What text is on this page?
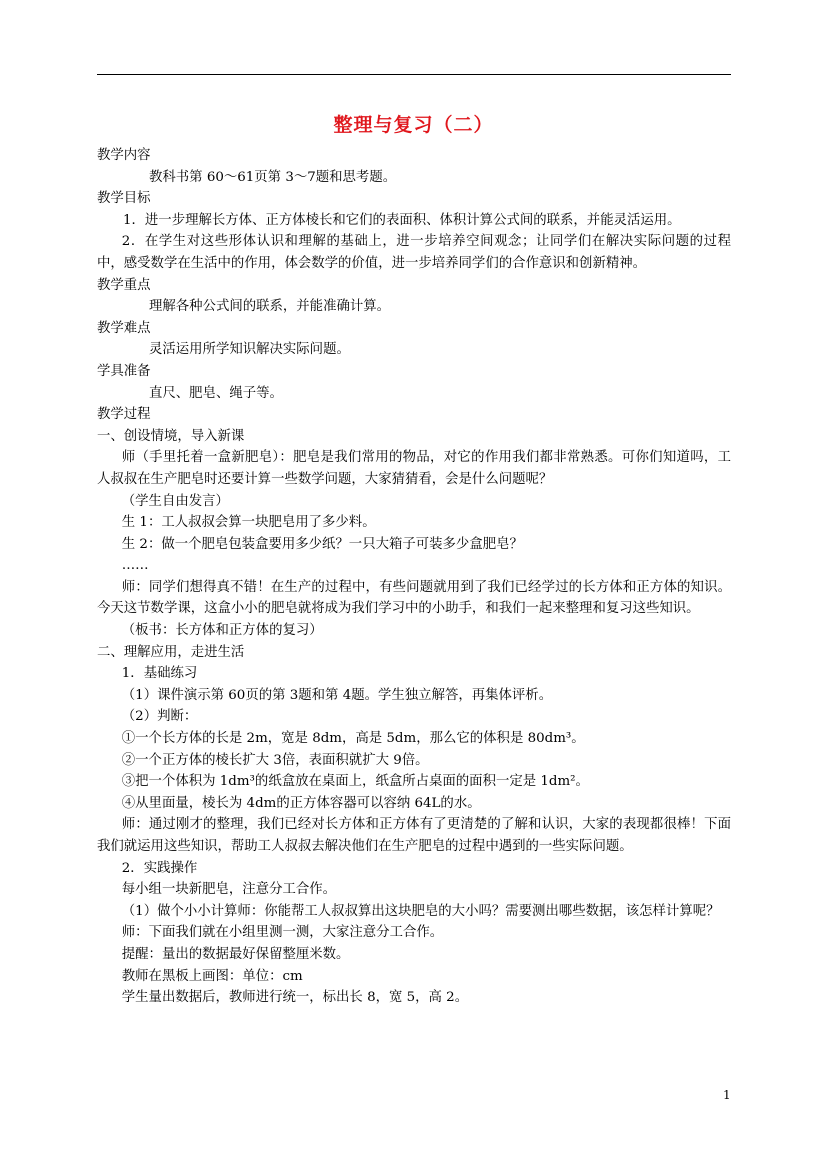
整理与复习（二）

教学内容

教科书第 60～61页第 3～7题和思考题。

教学目标

1．进一步理解长方体、正方体棱长和它们的表面积、体积计算公式间的联系，并能灵活运用。

2．在学生对这些形体认识和理解的基础上，进一步培养空间观念；让同学们在解决实际问题的过程中，感受数学在生活中的作用，体会数学的价值，进一步培养同学们的合作意识和创新精神。

教学重点

理解各种公式间的联系，并能准确计算。

教学难点

灵活运用所学知识解决实际问题。

学具准备

直尺、肥皂、绳子等。

教学过程

一、创设情境，导入新课

师（手里托着一盒新肥皂）：肥皂是我们常用的物品，对它的作用我们都非常熟悉。可你们知道吗，工人叔叔在生产肥皂时还要计算一些数学问题，大家猜猜看，会是什么问题呢？

（学生自由发言）

生 1：工人叔叔会算一块肥皂用了多少料。

生 2：做一个肥皂包装盒要用多少纸？一只大箱子可装多少盒肥皂？

……

师：同学们想得真不错！在生产的过程中，有些问题就用到了我们已经学过的长方体和正方体的知识。今天这节数学课，这盒小小的肥皂就将成为我们学习中的小助手，和我们一起来整理和复习这些知识。

（板书：长方体和正方体的复习）

二、理解应用，走进生活

1．基础练习

（1）课件演示第 60页的第 3题和第 4题。学生独立解答，再集体评析。

（2）判断：

①一个长方体的长是 2m，宽是 8dm，高是 5dm，那么它的体积是 80dm³。

②一个正方体的棱长扩大 3倍，表面积就扩大 9倍。

③把一个体积为 1dm³的纸盒放在桌面上，纸盒所占桌面的面积一定是 1dm²。

④从里面量，棱长为 4dm的正方体容器可以容纳 64L的水。

师：通过刚才的整理，我们已经对长方体和正方体有了更清楚的了解和认识，大家的表现都很棒！下面我们就运用这些知识，帮助工人叔叔去解决他们在生产肥皂的过程中遇到的一些实际问题。

2．实践操作

每小组一块新肥皂，注意分工合作。

（1）做个小小计算师：你能帮工人叔叔算出这块肥皂的大小吗？需要测出哪些数据，该怎样计算呢？

师：下面我们就在小组里测一测，大家注意分工合作。

提醒：量出的数据最好保留整厘米数。

教师在黑板上画图：单位：cm

学生量出数据后，教师进行统一，标出长 8，宽 5，高 2。

1
